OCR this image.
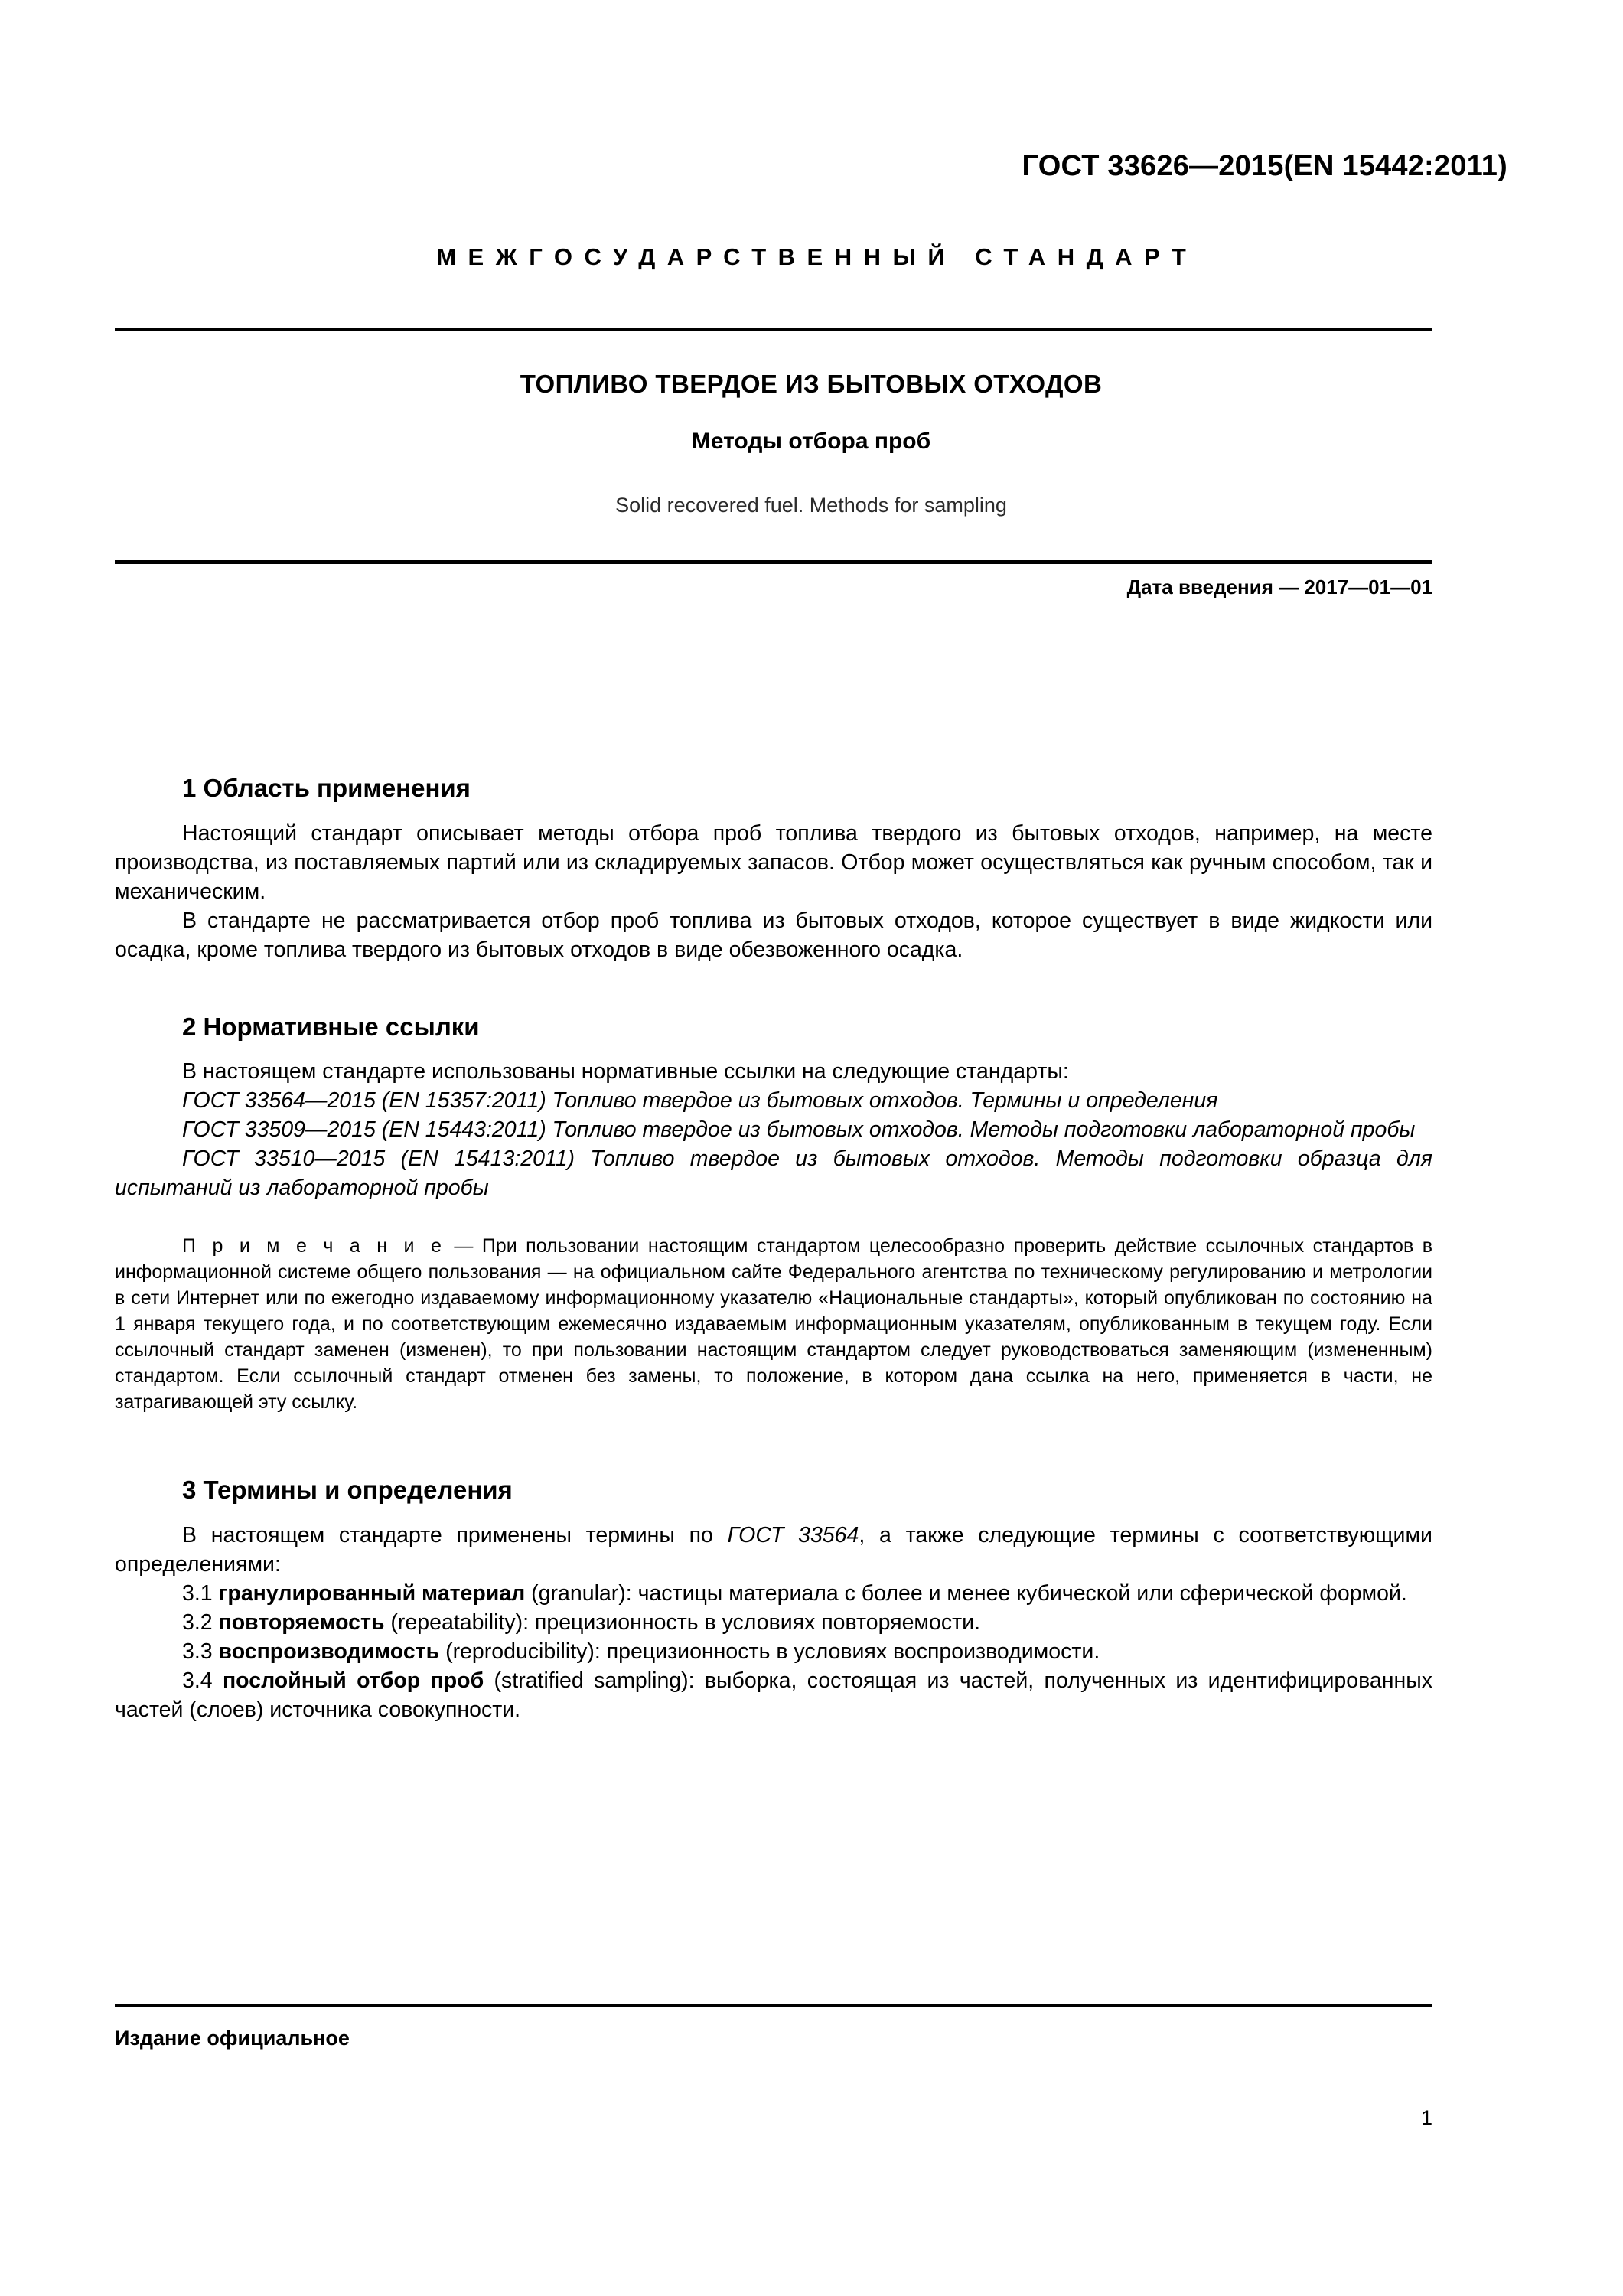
ГОСТ 33626—2015(EN 15442:2011)
МЕЖГОСУДАРСТВЕННЫЙ СТАНДАРТ
ТОПЛИВО ТВЕРДОЕ ИЗ БЫТОВЫХ ОТХОДОВ
Методы отбора проб
Solid recovered fuel. Methods for sampling
Дата введения — 2017—01—01
1 Область применения

Настоящий стандарт описывает методы отбора проб топлива твердого из бытовых отходов, например, на месте производства, из поставляемых партий или из складируемых запасов. Отбор может осуществляться как ручным способом, так и механическим.

В стандарте не рассматривается отбор проб топлива из бытовых отходов, которое существует в виде жидкости или осадка, кроме топлива твердого из бытовых отходов в виде обезвоженного осадка.

2 Нормативные ссылки

В настоящем стандарте использованы нормативные ссылки на следующие стандарты:

ГОСТ 33564—2015 (EN 15357:2011) Топливо твердое из бытовых отходов. Термины и определения

ГОСТ 33509—2015 (EN 15443:2011) Топливо твердое из бытовых отходов. Методы подготовки лабораторной пробы

ГОСТ 33510—2015 (EN 15413:2011) Топливо твердое из бытовых отходов. Методы подготовки образца для испытаний из лабораторной пробы

П р и м е ч а н и е — При пользовании настоящим стандартом целесообразно проверить действие ссылочных стандартов в информационной системе общего пользования — на официальном сайте Федерального агентства по техническому регулированию и метрологии в сети Интернет или по ежегодно издаваемому информационному указателю «Национальные стандарты», который опубликован по состоянию на 1 января текущего года, и по соответствующим ежемесячно издаваемым информационным указателям, опубликованным в текущем году. Если ссылочный стандарт заменен (изменен), то при пользовании настоящим стандартом следует руководствоваться заменяющим (измененным) стандартом. Если ссылочный стандарт отменен без замены, то положение, в котором дана ссылка на него, применяется в части, не затрагивающей эту ссылку.

3 Термины и определения

В настоящем стандарте применены термины по ГОСТ 33564, а также следующие термины с соответствующими определениями:

3.1 гранулированный материал (granular): частицы материала с более и менее кубической или сферической формой.

3.2 повторяемость (repeatability): прецизионность в условиях повторяемости.

3.3 воспроизводимость (reproducibility): прецизионность в условиях воспроизводимости.

3.4 послойный отбор проб (stratified sampling): выборка, состоящая из частей, полученных из идентифицированных частей (слоев) источника совокупности.

Издание официальное
1
